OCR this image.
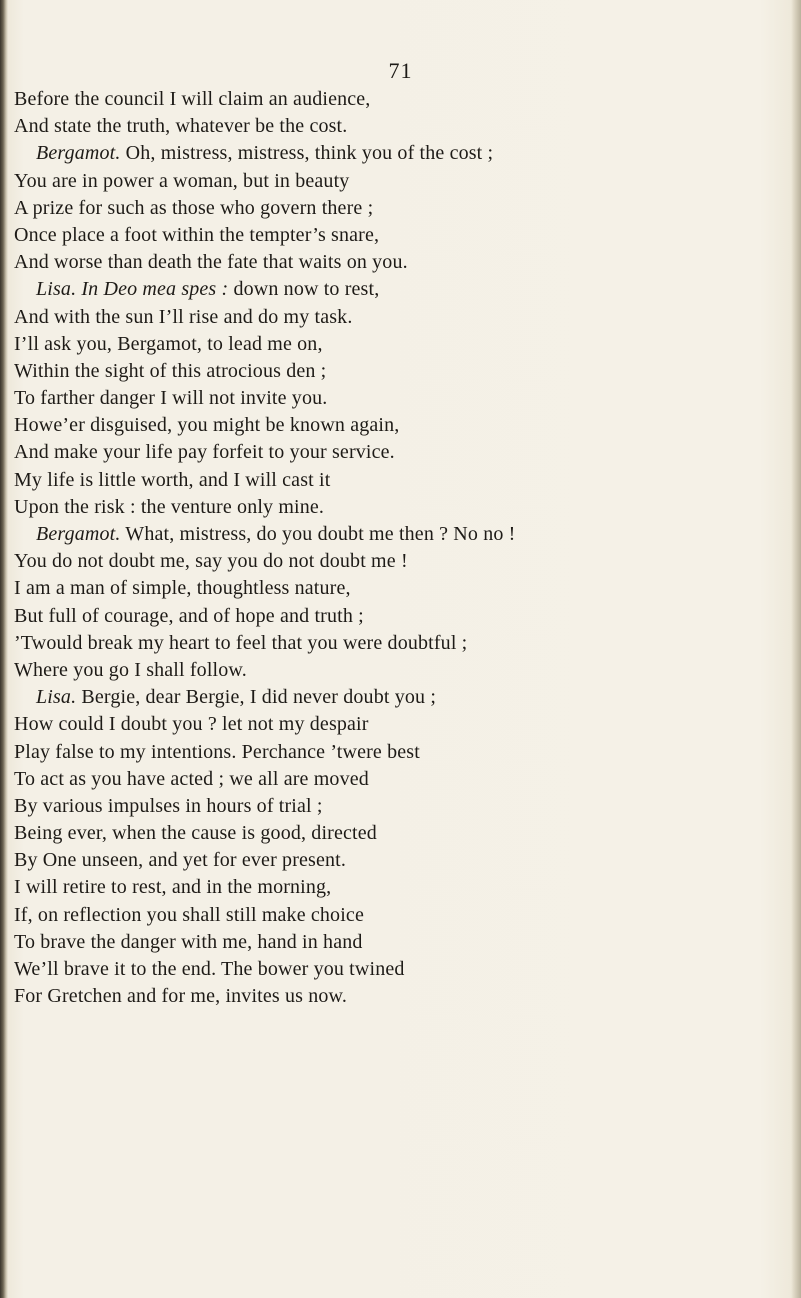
71
Before the council I will claim an audience,
And state the truth, whatever be the cost.
Bergamot. Oh, mistress, mistress, think you of the cost ;
You are in power a woman, but in beauty
A prize for such as those who govern there ;
Once place a foot within the tempter’s snare,
And worse than death the fate that waits on you.
Lisa. In Deo mea spes : down now to rest,
And with the sun I’ll rise and do my task.
I’ll ask you, Bergamot, to lead me on,
Within the sight of this atrocious den ;
To farther danger I will not invite you.
Howe’er disguised, you might be known again,
And make your life pay forfeit to your service.
My life is little worth, and I will cast it
Upon the risk : the venture only mine.
Bergamot. What, mistress, do you doubt me then ? No no !
You do not doubt me, say you do not doubt me !
I am a man of simple, thoughtless nature,
But full of courage, and of hope and truth ;
’Twould break my heart to feel that you were doubtful ;
Where you go I shall follow.
Lisa. Bergie, dear Bergie, I did never doubt you ;
How could I doubt you ? let not my despair
Play false to my intentions. Perchance ’twere best
To act as you have acted ; we all are moved
By various impulses in hours of trial ;
Being ever, when the cause is good, directed
By One unseen, and yet for ever present.
I will retire to rest, and in the morning,
If, on reflection you shall still make choice
To brave the danger with me, hand in hand
We’ll brave it to the end. The bower you twined
For Gretchen and for me, invites us now.
